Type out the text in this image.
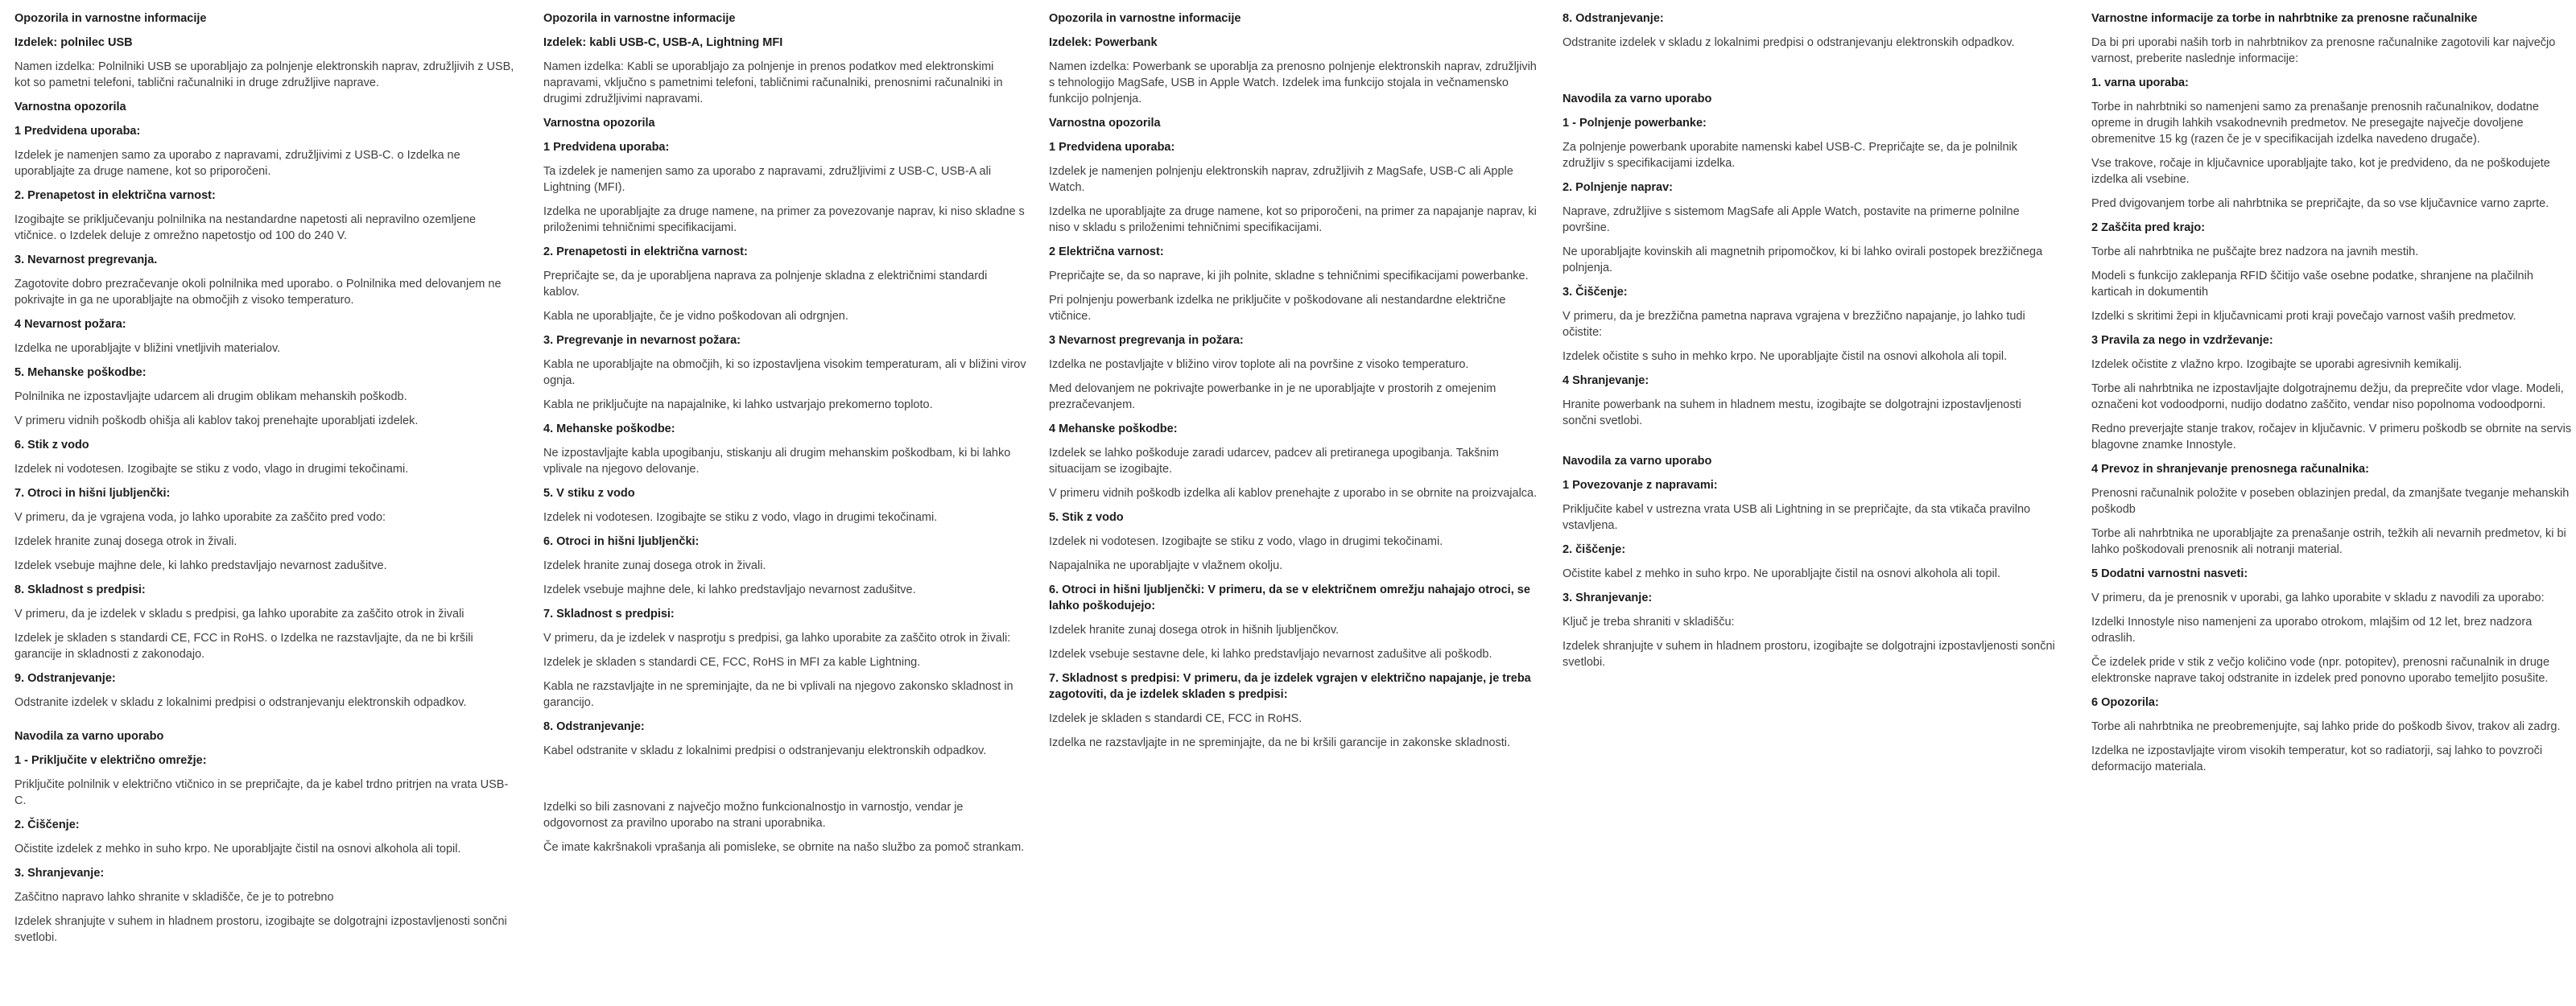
Opozorila in varnostne informacije
Izdelek: polnilec USB

Namen izdelka: Polnilniki USB se uporabljajo za polnjenje elektronskih naprav, združljivih z USB, kot so pametni telefoni, tablični računalniki in druge združljive naprave.

Varnostna opozorila
1 Predvidena uporaba:

Izdelek je namenjen samo za uporabo z napravami, združljivimi z USB-C. o Izdelka ne uporabljajte za druge namene, kot so priporočeni.

2. Prenapetost in električna varnost:

Izogibajte se priključevanju polnilnika na nestandardne napetosti ali nepravilno ozemljene vtičnice. o Izdelek deluje z omrežno napetostjo od 100 do 240 V.

3. Nevarnost pregrevanja.

Zagotovite dobro prezračevanje okoli polnilnika med uporabo. o Polnilnika med delovanjem ne pokrivajte in ga ne uporabljajte na območjih z visoko temperaturo.

4 Nevarnost požara:

Izdelka ne uporabljajte v bližini vnetljivih materialov.

5. Mehanske poškodbe:

Polnilnika ne izpostavljajte udarcem ali drugim oblikam mehanskih poškodb.

V primeru vidnih poškodb ohišja ali kablov takoj prenehajte uporabljati izdelek.

6. Stik z vodo

Izdelek ni vodotesen. Izogibajte se stiku z vodo, vlago in drugimi tekočinami.

7. Otroci in hišni ljubljenčki:

V primeru, da je vgrajena voda, jo lahko uporabite za zaščito pred vodo:

Izdelek hranite zunaj dosega otrok in živali.

Izdelek vsebuje majhne dele, ki lahko predstavljajo nevarnost zadušitve.

8. Skladnost s predpisi:

V primeru, da je izdelek v skladu s predpisi, ga lahko uporabite za zaščito otrok in živali

Izdelek je skladen s standardi CE, FCC in RoHS. o Izdelka ne razstavljajte, da ne bi kršili garancije in skladnosti z zakonodajo.

9. Odstranjevanje:

Odstranite izdelek v skladu z lokalnimi predpisi o odstranjevanju elektronskih odpadkov.

Navodila za varno uporabo
1 - Priključite v električno omrežje:

Priključite polnilnik v električno vtičnico in se prepričajte, da je kabel trdno pritrjen na vrata USB-C.

2. Čiščenje:

Očistite izdelek z mehko in suho krpo. Ne uporabljajte čistil na osnovi alkohola ali topil.

3. Shranjevanje:

Zaščitno napravo lahko shranite v skladišče, če je to potrebno

Izdelek shranjujte v suhem in hladnem prostoru, izogibajte se dolgotrajni izpostavljenosti sončni svetlobi.

Opozorila in varnostne informacije
Izdelek: kabli USB-C, USB-A, Lightning MFI

Namen izdelka: Kabli se uporabljajo za polnjenje in prenos podatkov med elektronskimi napravami, vključno s pametnimi telefoni, tabličnimi računalniki, prenosnimi računalniki in drugimi združljivimi napravami.

Varnostna opozorila
1 Predvidena uporaba:

Ta izdelek je namenjen samo za uporabo z napravami, združljivimi z USB-C, USB-A ali Lightning (MFI).

Izdelka ne uporabljajte za druge namene, na primer za povezovanje naprav, ki niso skladne s priloženimi tehničnimi specifikacijami.

2. Prenapetosti in električna varnost:

Prepričajte se, da je uporabljena naprava za polnjenje skladna z električnimi standardi kablov.

Kabla ne uporabljajte, če je vidno poškodovan ali odrgnjen.

3. Pregrevanje in nevarnost požara:

Kabla ne uporabljajte na območjih, ki so izpostavljena visokim temperaturam, ali v bližini virov ognja.

Kabla ne priključujte na napajalnike, ki lahko ustvarjajo prekomerno toploto.

4. Mehanske poškodbe:

Ne izpostavljajte kabla upogibanju, stiskanju ali drugim mehanskim poškodbam, ki bi lahko vplivale na njegovo delovanje.

5. V stiku z vodo

Izdelek ni vodotesen. Izogibajte se stiku z vodo, vlago in drugimi tekočinami.

6. Otroci in hišni ljubljenčki:

Izdelek hranite zunaj dosega otrok in živali.

Izdelek vsebuje majhne dele, ki lahko predstavljajo nevarnost zadušitve.

7. Skladnost s predpisi:

V primeru, da je izdelek v nasprotju s predpisi, ga lahko uporabite za zaščito otrok in živali:

Izdelek je skladen s standardi CE, FCC, RoHS in MFI za kable Lightning.

Kabla ne razstavljajte in ne spreminjajte, da ne bi vplivali na njegovo zakonsko skladnost in garancijo.

8. Odstranjevanje:

Kabel odstranite v skladu z lokalnimi predpisi o odstranjevanju elektronskih odpadkov.

Izdelki so bili zasnovani z največjo možno funkcionalnostjo in varnostjo, vendar je odgovornost za pravilno uporabo na strani uporabnika.

Če imate kakršnakoli vprašanja ali pomisleke, se obrnite na našo službo za pomoč strankam.

Opozorila in varnostne informacije
Izdelek: Powerbank

Namen izdelka: Powerbank se uporablja za prenosno polnjenje elektronskih naprav, združljivih s tehnologijo MagSafe, USB in Apple Watch. Izdelek ima funkcijo stojala in večnamensko funkcijo polnjenja.

Varnostna opozorila
1 Predvidena uporaba:

Izdelek je namenjen polnjenju elektronskih naprav, združljivih z MagSafe, USB-C ali Apple Watch.

Izdelka ne uporabljajte za druge namene, kot so priporočeni, na primer za napajanje naprav, ki niso v skladu s priloženimi tehničnimi specifikacijami.

2 Električna varnost:

Prepričajte se, da so naprave, ki jih polnite, skladne s tehničnimi specifikacijami powerbanke.

Pri polnjenju powerbank izdelka ne priključite v poškodovane ali nestandardne električne vtičnice.

3 Nevarnost pregrevanja in požara:

Izdelka ne postavljajte v bližino virov toplote ali na površine z visoko temperaturo.

Med delovanjem ne pokrivajte powerbanke in je ne uporabljajte v prostorih z omejenim prezračevanjem.

4 Mehanske poškodbe:

Izdelek se lahko poškoduje zaradi udarcev, padcev ali pretiranega upogibanja. Takšnim situacijam se izogibajte.

V primeru vidnih poškodb izdelka ali kablov prenehajte z uporabo in se obrnite na proizvajalca.

5. Stik z vodo

Izdelek ni vodotesen. Izogibajte se stiku z vodo, vlago in drugimi tekočinami.

Napajalnika ne uporabljajte v vlažnem okolju.

6. Otroci in hišni ljubljenčki: V primeru, da se v električnem omrežju nahajajo otroci, se lahko poškodujejo:

Izdelek hranite zunaj dosega otrok in hišnih ljubljenčkov.

Izdelek vsebuje sestavne dele, ki lahko predstavljajo nevarnost zadušitve ali poškodb.

7. Skladnost s predpisi: V primeru, da je izdelek vgrajen v električno napajanje, je treba zagotoviti, da je izdelek skladen s predpisi:

Izdelek je skladen s standardi CE, FCC in RoHS.

Izdelka ne razstavljajte in ne spreminjajte, da ne bi kršili garancije in zakonske skladnosti.

8. Odstranjevanje:

Odstranite izdelek v skladu z lokalnimi predpisi o odstranjevanju elektronskih odpadkov.

Navodila za varno uporabo
1 - Polnjenje powerbanke:

Za polnjenje powerbank uporabite namenski kabel USB-C. Prepričajte se, da je polnilnik združljiv s specifikacijami izdelka.

2. Polnjenje naprav:

Naprave, združljive s sistemom MagSafe ali Apple Watch, postavite na primerne polnilne površine.

Ne uporabljajte kovinskih ali magnetnih pripomočkov, ki bi lahko ovirali postopek brezžičnega polnjenja.

3. Čiščenje:

V primeru, da je brezžična pametna naprava vgrajena v brezžično napajanje, jo lahko tudi očistite:

Izdelek očistite s suho in mehko krpo. Ne uporabljajte čistil na osnovi alkohola ali topil.

4 Shranjevanje:

Hranite powerbank na suhem in hladnem mestu, izogibajte se dolgotrajni izpostavljenosti sončni svetlobi.

Navodila za varno uporabo
1 Povezovanje z napravami:

Priključite kabel v ustrezna vrata USB ali Lightning in se prepričajte, da sta vtikača pravilno vstavljena.

2. čiščenje:

Očistite kabel z mehko in suho krpo. Ne uporabljajte čistil na osnovi alkohola ali topil.

3. Shranjevanje:

Ključ je treba shraniti v skladišču:

Izdelek shranjujte v suhem in hladnem prostoru, izogibajte se dolgotrajni izpostavljenosti sončni svetlobi.

Varnostne informacije za torbe in nahrbtnike za prenosne računalnike

Da bi pri uporabi naših torb in nahrbtnikov za prenosne računalnike zagotovili kar največjo varnost, preberite naslednje informacije:

1. varna uporaba:

Torbe in nahrbtniki so namenjeni samo za prenašanje prenosnih računalnikov, dodatne opreme in drugih lahkih vsakodnevnih predmetov. Ne presegajte največje dovoljene obremenitve 15 kg (razen če je v specifikacijah izdelka navedeno drugače).

Vse trakove, ročaje in ključavnice uporabljajte tako, kot je predvideno, da ne poškodujete izdelka ali vsebine.

Pred dvigovanjem torbe ali nahrbtnika se prepričajte, da so vse ključavnice varno zaprte.

2 Zaščita pred krajo:

Torbe ali nahrbtnika ne puščajte brez nadzora na javnih mestih.

Modeli s funkcijo zaklepanja RFID ščitijo vaše osebne podatke, shranjene na plačilnih karticah in dokumentih

Izdelki s skritimi žepi in ključavnicami proti kraji povečajo varnost vaših predmetov.

3 Pravila za nego in vzdrževanje:

Izdelek očistite z vlažno krpo. Izogibajte se uporabi agresivnih kemikalij.

Torbe ali nahrbtnika ne izpostavljajte dolgotrajnemu dežju, da preprečite vdor vlage. Modeli, označeni kot vodoodporni, nudijo dodatno zaščito, vendar niso popolnoma vodoodporni.

Redno preverjajte stanje trakov, ročajev in ključavnic. V primeru poškodb se obrnite na servis blagovne znamke Innostyle.

4 Prevoz in shranjevanje prenosnega računalnika:

Prenosni računalnik položite v poseben oblazinjen predal, da zmanjšate tveganje mehanskih poškodb

Torbe ali nahrbtnika ne uporabljajte za prenašanje ostrih, težkih ali nevarnih predmetov, ki bi lahko poškodovali prenosnik ali notranji material.

5 Dodatni varnostni nasveti:

V primeru, da je prenosnik v uporabi, ga lahko uporabite v skladu z navodili za uporabo:

Izdelki Innostyle niso namenjeni za uporabo otrokom, mlajšim od 12 let, brez nadzora odraslih.

Če izdelek pride v stik z večjo količino vode (npr. potopitev), prenosni računalnik in druge elektronske naprave takoj odstranite in izdelek pred ponovno uporabo temeljito posušite.

6 Opozorila:

Torbe ali nahrbtnika ne preobremenjujte, saj lahko pride do poškodb šivov, trakov ali zadrg.

Izdelka ne izpostavljajte virom visokih temperatur, kot so radiatorji, saj lahko to povzroči deformacijo materiala.
